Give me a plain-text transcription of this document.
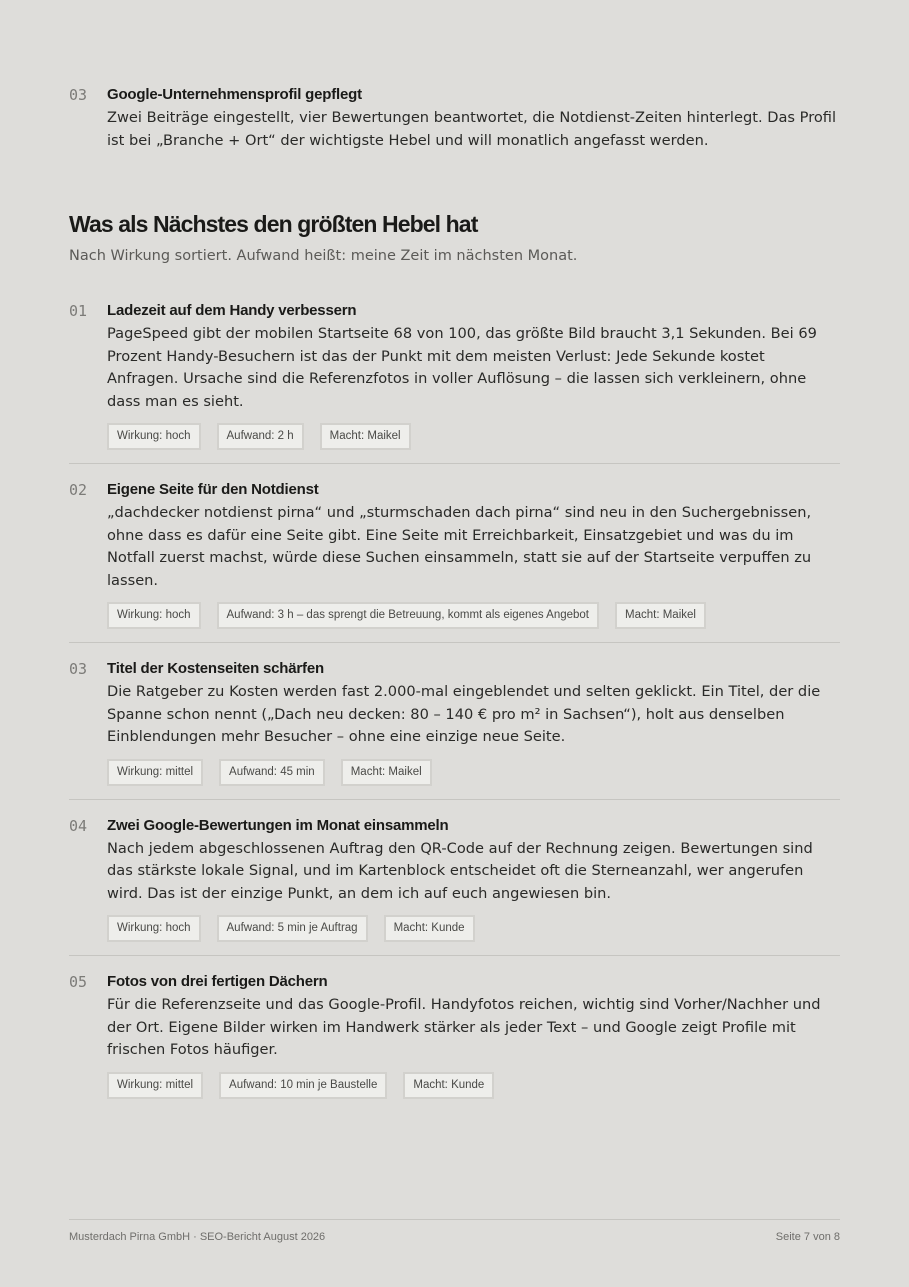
03	Google-Unternehmensprofil gepflegt
Zwei Beiträge eingestellt, vier Bewertungen beantwortet, die Notdienst-Zeiten hinterlegt. Das Profil ist bei „Branche + Ort“ der wichtigste Hebel und will monatlich angefasst werden.
Was als Nächstes den größten Hebel hat
Nach Wirkung sortiert. Aufwand heißt: meine Zeit im nächsten Monat.
01	Ladezeit auf dem Handy verbessern
PageSpeed gibt der mobilen Startseite 68 von 100, das größte Bild braucht 3,1 Sekunden. Bei 69 Prozent Handy-Besuchern ist das der Punkt mit dem meisten Verlust: Jede Sekunde kostet Anfragen. Ursache sind die Referenzfotos in voller Auflösung – die lassen sich verkleinern, ohne dass man es sieht.
Wirkung: hoch	Aufwand: 2 h	Macht: Maikel
02	Eigene Seite für den Notdienst
„dachdecker notdienst pirna“ und „sturmschaden dach pirna“ sind neu in den Suchergebnissen, ohne dass es dafür eine Seite gibt. Eine Seite mit Erreichbarkeit, Einsatzgebiet und was du im Notfall zuerst machst, würde diese Suchen einsammeln, statt sie auf der Startseite verpuffen zu lassen.
Wirkung: hoch	Aufwand: 3 h – das sprengt die Betreuung, kommt als eigenes Angebot	Macht: Maikel
03	Titel der Kostenseiten schärfen
Die Ratgeber zu Kosten werden fast 2.000-mal eingeblendet und selten geklickt. Ein Titel, der die Spanne schon nennt („Dach neu decken: 80 – 140 € pro m² in Sachsen“), holt aus denselben Einblendungen mehr Besucher – ohne eine einzige neue Seite.
Wirkung: mittel	Aufwand: 45 min	Macht: Maikel
04	Zwei Google-Bewertungen im Monat einsammeln
Nach jedem abgeschlossenen Auftrag den QR-Code auf der Rechnung zeigen. Bewertungen sind das stärkste lokale Signal, und im Kartenblock entscheidet oft die Sterneanzahl, wer angerufen wird. Das ist der einzige Punkt, an dem ich auf euch angewiesen bin.
Wirkung: hoch	Aufwand: 5 min je Auftrag	Macht: Kunde
05	Fotos von drei fertigen Dächern
Für die Referenzseite und das Google-Profil. Handyfotos reichen, wichtig sind Vorher/Nachher und der Ort. Eigene Bilder wirken im Handwerk stärker als jeder Text – und Google zeigt Profile mit frischen Fotos häufiger.
Wirkung: mittel	Aufwand: 10 min je Baustelle	Macht: Kunde
Musterdach Pirna GmbH · SEO-Bericht August 2026	Seite 7 von 8
